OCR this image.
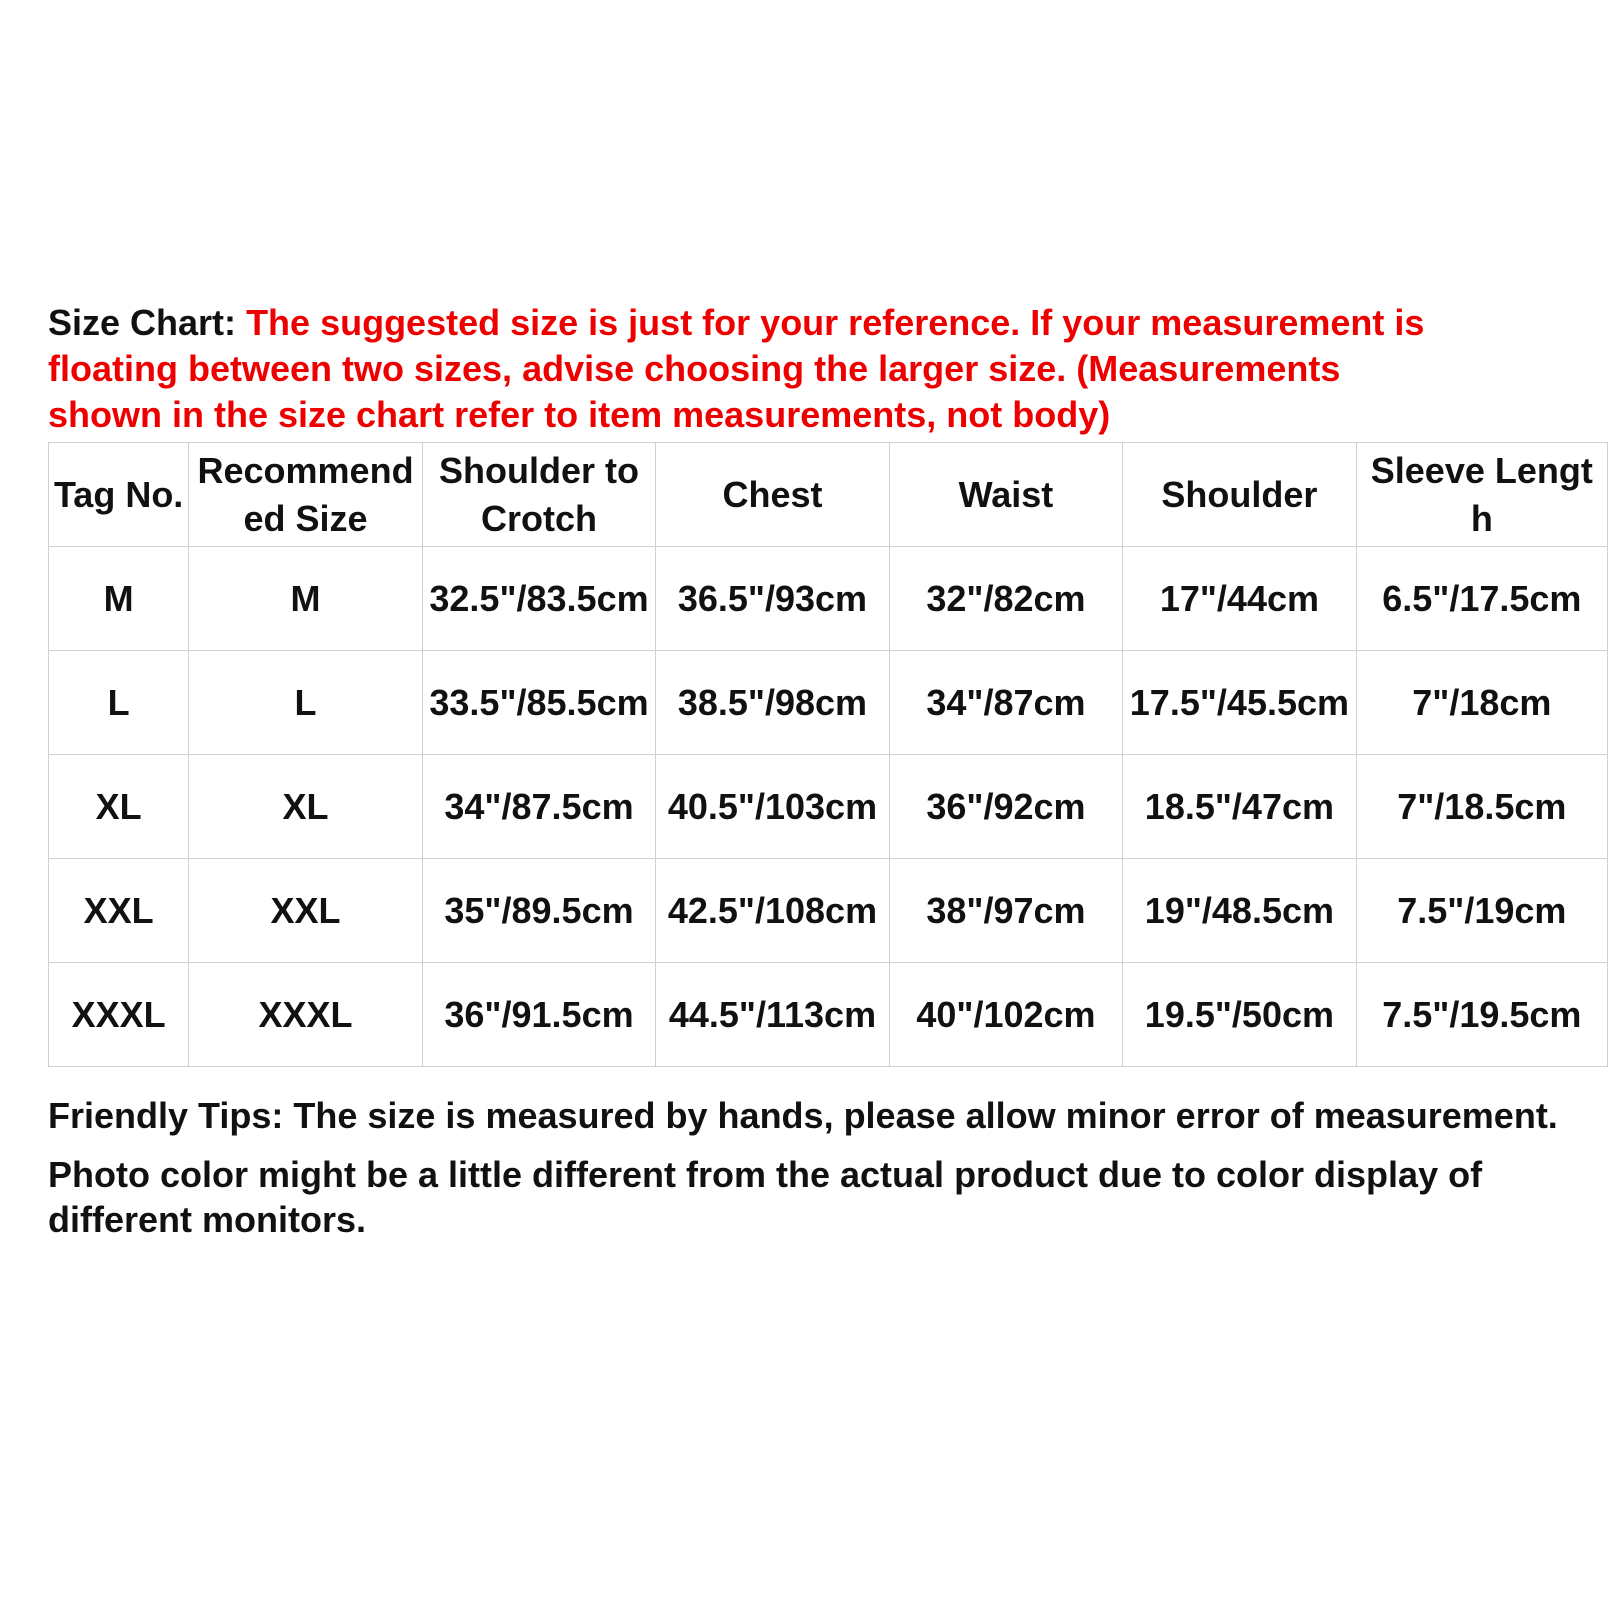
Size Chart: The suggested size is just for your reference. If your measurement is
floating between two sizes, advise choosing the larger size. (Measurements
shown in the size chart refer to item measurements, not body)

Tag No.	Recommended Size	Shoulder to Crotch	Chest	Waist	Shoulder	Sleeve Length
M	M	32.5"/83.5cm	36.5"/93cm	32"/82cm	17"/44cm	6.5"/17.5cm
L	L	33.5"/85.5cm	38.5"/98cm	34"/87cm	17.5"/45.5cm	7"/18cm
XL	XL	34"/87.5cm	40.5"/103cm	36"/92cm	18.5"/47cm	7"/18.5cm
XXL	XXL	35"/89.5cm	42.5"/108cm	38"/97cm	19"/48.5cm	7.5"/19cm
XXXL	XXXL	36"/91.5cm	44.5"/113cm	40"/102cm	19.5"/50cm	7.5"/19.5cm

Friendly Tips: The size is measured by hands, please allow minor error of measurement.

Photo color might be a little different from the actual product due to color display of different monitors.
